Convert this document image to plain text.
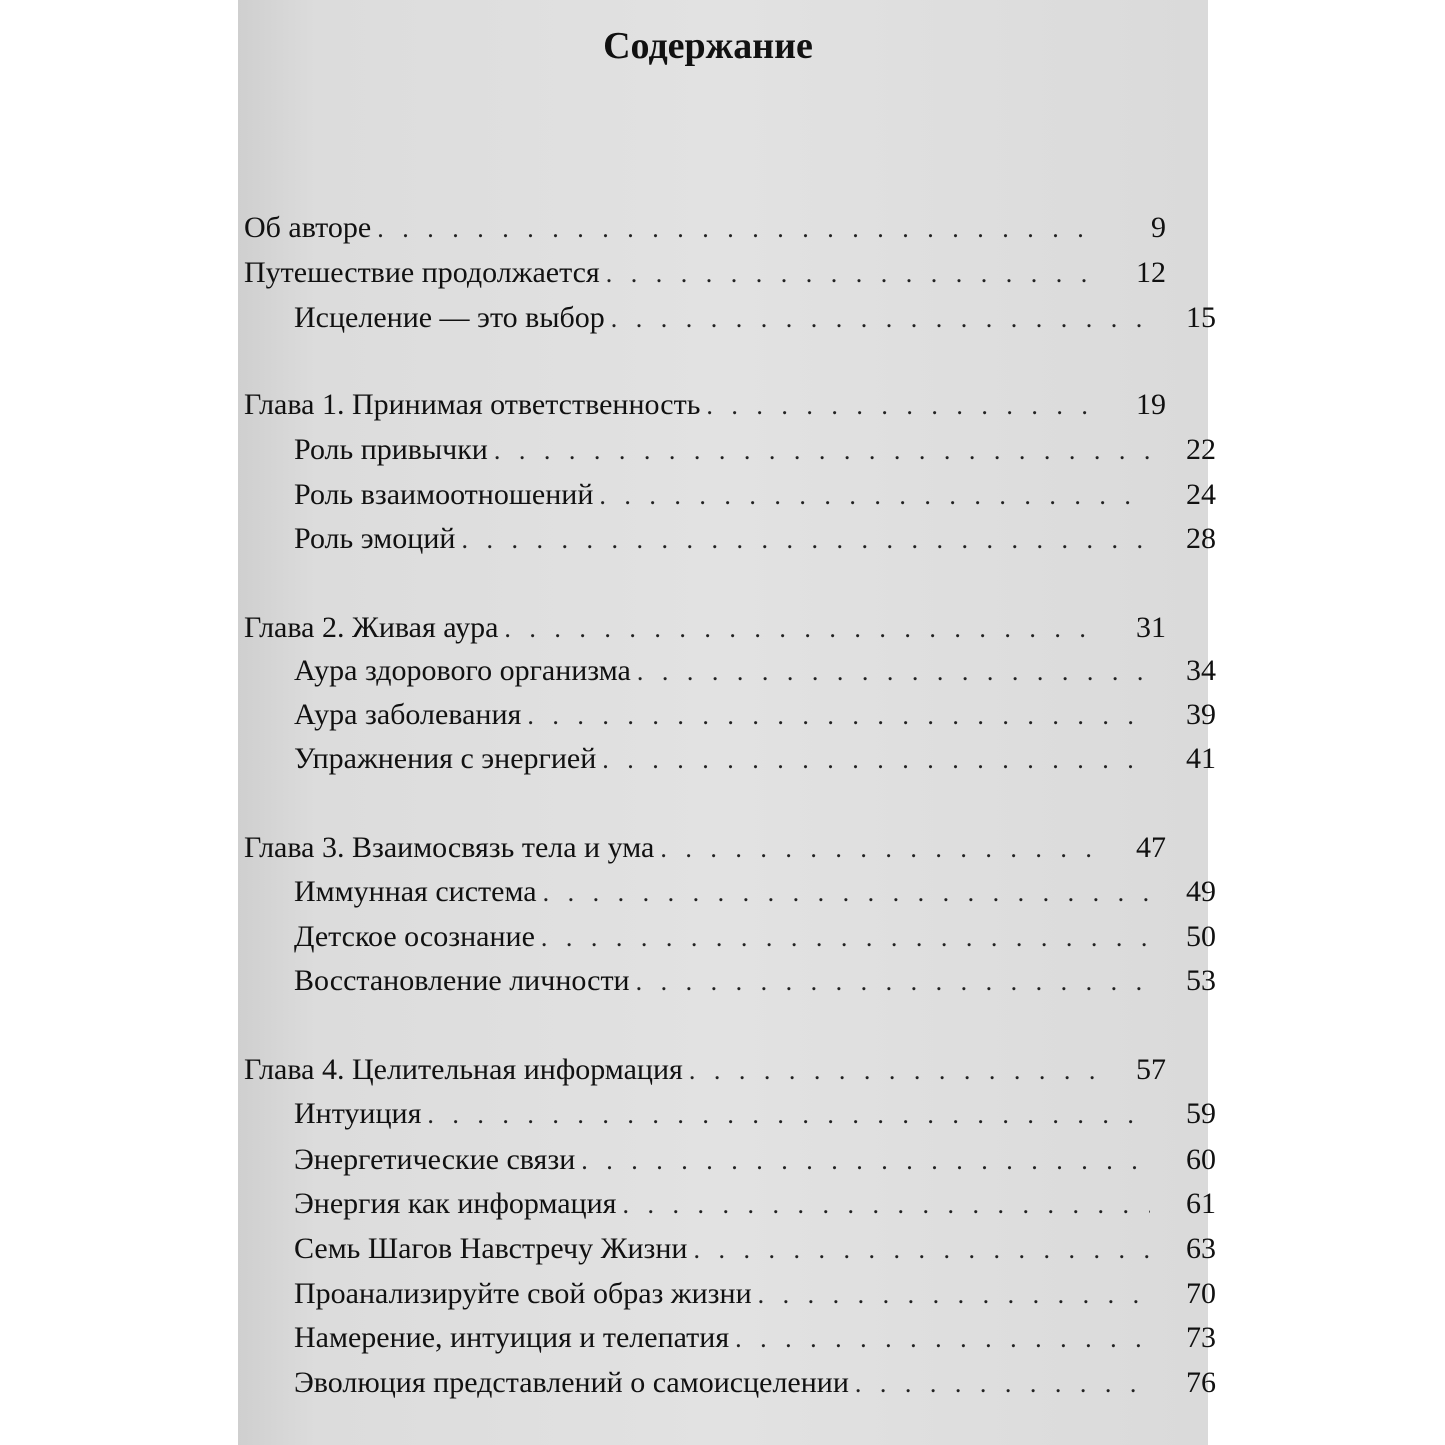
Содержание
Об авторе . . .	9
Путешествие продолжается . . .	12
Исцеление — это выбор . . .	15
Глава 1. Принимая ответственность . . .	19
Роль привычки . . .	22
Роль взаимоотношений . . .	24
Роль эмоций . . .	28
Глава 2. Живая аура . . .	31
Аура здорового организма . . .	34
Аура заболевания . . .	39
Упражнения с энергией . . .	41
Глава 3. Взаимосвязь тела и ума . . .	47
Иммунная система . . .	49
Детское осознание . . .	50
Восстановление личности . . .	53
Глава 4. Целительная информация . . .	57
Интуиция . . .	59
Энергетические связи . . .	60
Энергия как информация . . .	61
Семь Шагов Навстречу Жизни . . .	63
Проанализируйте свой образ жизни . . .	70
Намерение, интуиция и телепатия . . .	73
Эволюция представлений о самоисцелении . . .	76
